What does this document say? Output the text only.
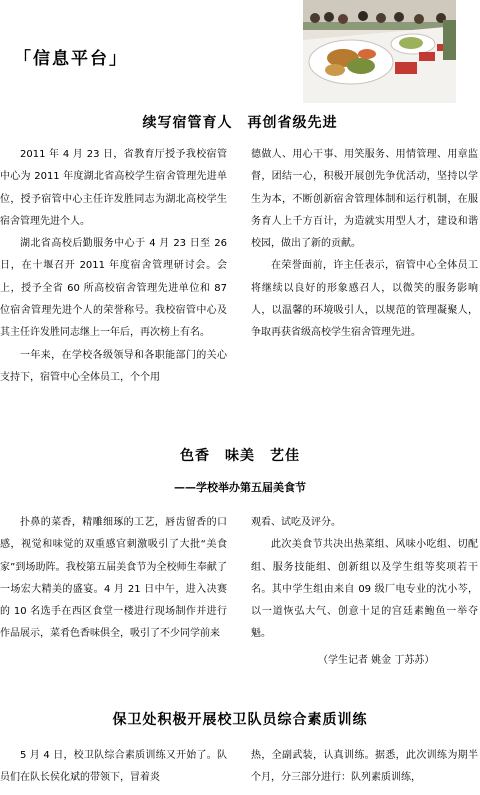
「信息平台」
续写宿管育人　再创省级先进

2011 年 4 月 23 日，省教育厅授予我校宿管中心为 2011 年度湖北省高校学生宿舍管理先进单位，授予宿管中心主任许发胜同志为湖北高校学生宿舍管理先进个人。

湖北省高校后勤服务中心于 4 月 23 日至 26 日，在十堰召开 2011 年度宿舍管理研讨会。会上，授予全省 60 所高校宿舍管理先进单位和 87 位宿舍管理先进个人的荣誉称号。我校宿管中心及其主任许发胜同志继上一年后，再次榜上有名。

一年来，在学校各级领导和各职能部门的关心支持下，宿管中心全体员工，个个用

德做人、用心干事、用笑服务、用情管理、用章监督，团结一心，积极开展创先争优活动，坚持以学生为本，不断创新宿舍管理体制和运行机制，在服务育人上千方百计，为造就实用型人才，建设和谐校园，做出了新的贡献。

在荣誉面前，许主任表示，宿管中心全体员工将继续以良好的形象感召人，以微笑的服务影响人，以温馨的环境吸引人，以规范的管理凝聚人，争取再获省级高校学生宿舍管理先进。

色香　味美　艺佳
——学校举办第五届美食节

扑鼻的菜香，精雕细琢的工艺，唇齿留香的口感，视觉和味觉的双重感官刺激吸引了大批“美食家”到场助阵。我校第五届美食节为全校师生奉献了一场宏大精美的盛宴。4 月 21 日中午，进入决赛的 10 名选手在西区食堂一楼进行现场制作并进行作品展示，菜肴色香味俱全，吸引了不少同学前来

观看、试吃及评分。

此次美食节共决出热菜组、风味小吃组、切配组、服务技能组、创新组以及学生组等奖项若干名。其中学生组由来自 09 级厂电专业的沈小芩，以一道恢弘大气、创意十足的宫廷素鲍鱼一举夺魁。

（学生记者 姚金 丁苏苏）
保卫处积极开展校卫队员综合素质训练

5 月 4 日，校卫队综合素质训练又开始了。队员们在队长侯化斌的带领下，冒着炎

热，全副武装，认真训练。据悉，此次训练为期半个月，分三部分进行：队列素质训练，
